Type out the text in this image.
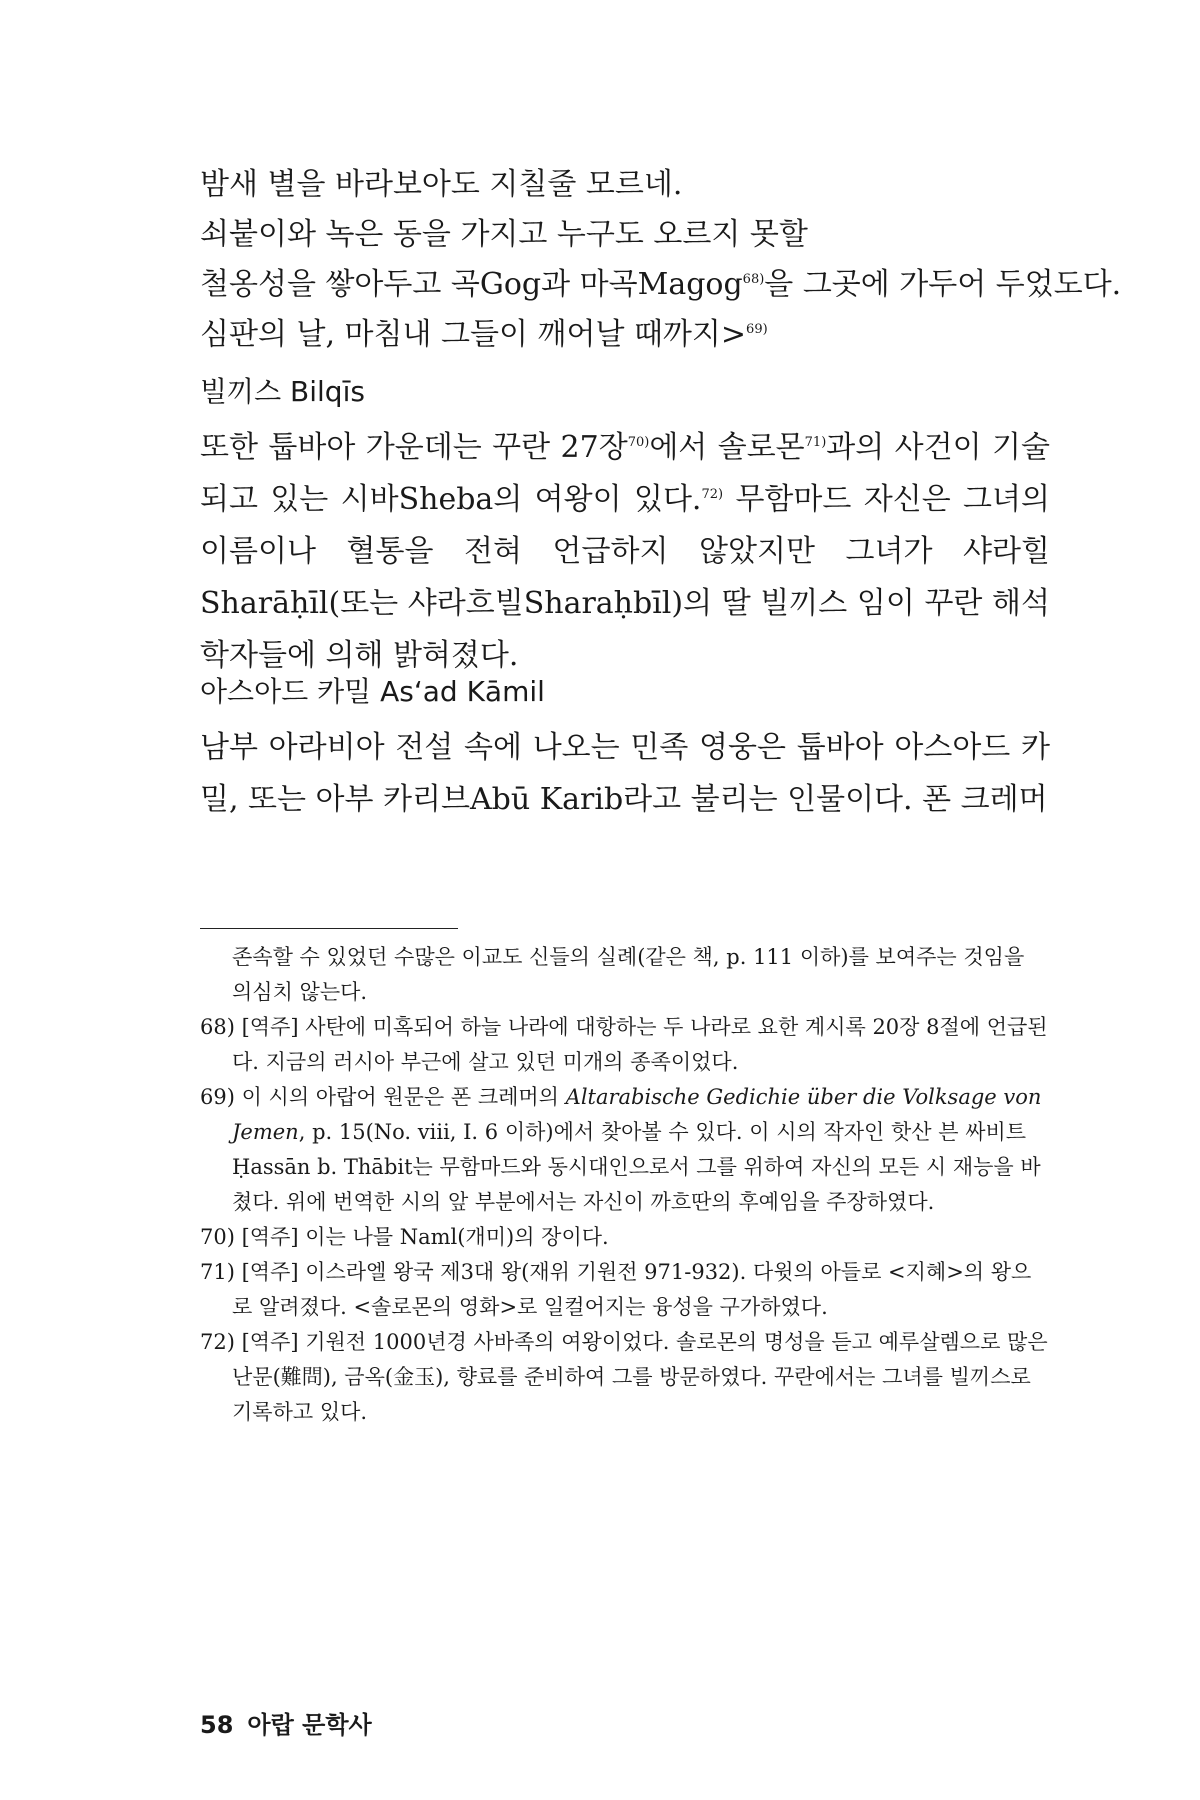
밤새 별을 바라보아도 지칠줄 모르네.
쇠붙이와 녹은 동을 가지고 누구도 오르지 못할
철옹성을 쌓아두고 곡Gog과 마곡Magog$^{68)}$을 그곳에 가두어 두었도다.
심판의 날, 마침내 그들이 깨어날 때까지>$^{69)}$
빌끼스 Bilqīs
또한 툽바아 가운데는 꾸란 27장$^{70)}$에서 솔로몬$^{71)}$과의 사건이 기술되고 있는 시바Sheba의 여왕이 있다.$^{72)}$ 무함마드 자신은 그녀의 이름이나 혈통을 전혀 언급하지 않았지만 그녀가 샤라힐Sharāḥīl(또는 샤라흐빌Sharaḥbīl)의 딸 빌끼스 임이 꾸란 해석학자들에 의해 밝혀졌다.
아스아드 카밀 As‘ad Kāmil
남부 아라비아 전설 속에 나오는 민족 영웅은 툽바아 아스아드 카밀, 또는 아부 카리브Abū Karib라고 불리는 인물이다. 폰 크레머

존속할 수 있었던 수많은 이교도 신들의 실례(같은 책, p. 111 이하)를 보여주는 것임을 의심치 않는다.

68) [역주] 사탄에 미혹되어 하늘 나라에 대항하는 두 나라로 요한 계시록 20장 8절에 언급된다. 지금의 러시아 부근에 살고 있던 미개의 종족이었다.

69) 이 시의 아랍어 원문은 폰 크레머의 Altarabische Gedichie über die Volksage von Jemen, p. 15(No. viii, I. 6 이하)에서 찾아볼 수 있다. 이 시의 작자인 핫산 븐 싸비트Ḥassān b. Thābit는 무함마드와 동시대인으로서 그를 위하여 자신의 모든 시 재능을 바쳤다. 위에 번역한 시의 앞 부분에서는 자신이 까흐딴의 후예임을 주장하였다.

70) [역주] 이는 나믈 Naml(개미)의 장이다.

71) [역주] 이스라엘 왕국 제3대 왕(재위 기원전 971-932). 다윗의 아들로 <지혜>의 왕으로 알려졌다. <솔로몬의 영화>로 일컬어지는 융성을 구가하였다.

72) [역주] 기원전 1000년경 사바족의 여왕이었다. 솔로몬의 명성을 듣고 예루살렘으로 많은 난문(難問), 금옥(金玉), 향료를 준비하여 그를 방문하였다. 꾸란에서는 그녀를 빌끼스로 기록하고 있다.

58 아랍 문학사
